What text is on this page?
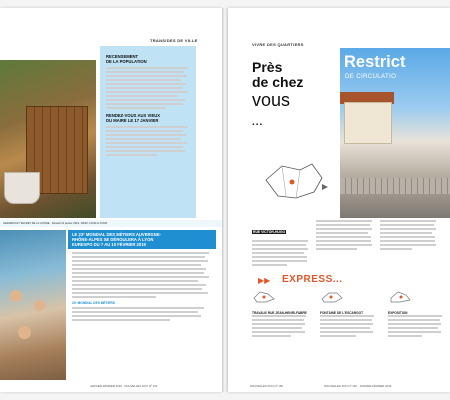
TRANSIDES DE VILLE
RECENSEMENT
DE LA POPULATION
RENDEZ-VOUS AUX VIEUX
DU MAIRE LE 17 JANVIER
GERARDS ET SECRET DE LA LIONNE · Samedi 22 janvier 2019, 10h30, 14h30 et 16h30
LE 23º MONDIAL DES MÉTIERS AUVERGNE-
RHÔNE-ALPES SE DÉROULERA À LYON
EUREXPO DU 7 AU 10 FÉVRIER 2019
23º MONDIAL DES MÉTIERS
JANVIER-FÉVRIER 2019 · NOUVELLES D'ICI Nº 152
VIVRE DES QUARTIERS
Près
de chez
vous
...
Restrict
DE CIRCULATIO
RUE VICTOR-HUGO
▶▶ EXPRESS...
TRAVAUX RUE JEAN-HENRI-FABRE	FONTAINE DE L'ESCARGOT	EXPOSITION
NOUVELLES D'ICI Nº 152	NOUVELLES D'ICI Nº 152 · JANVIER-FÉVRIER 2019
